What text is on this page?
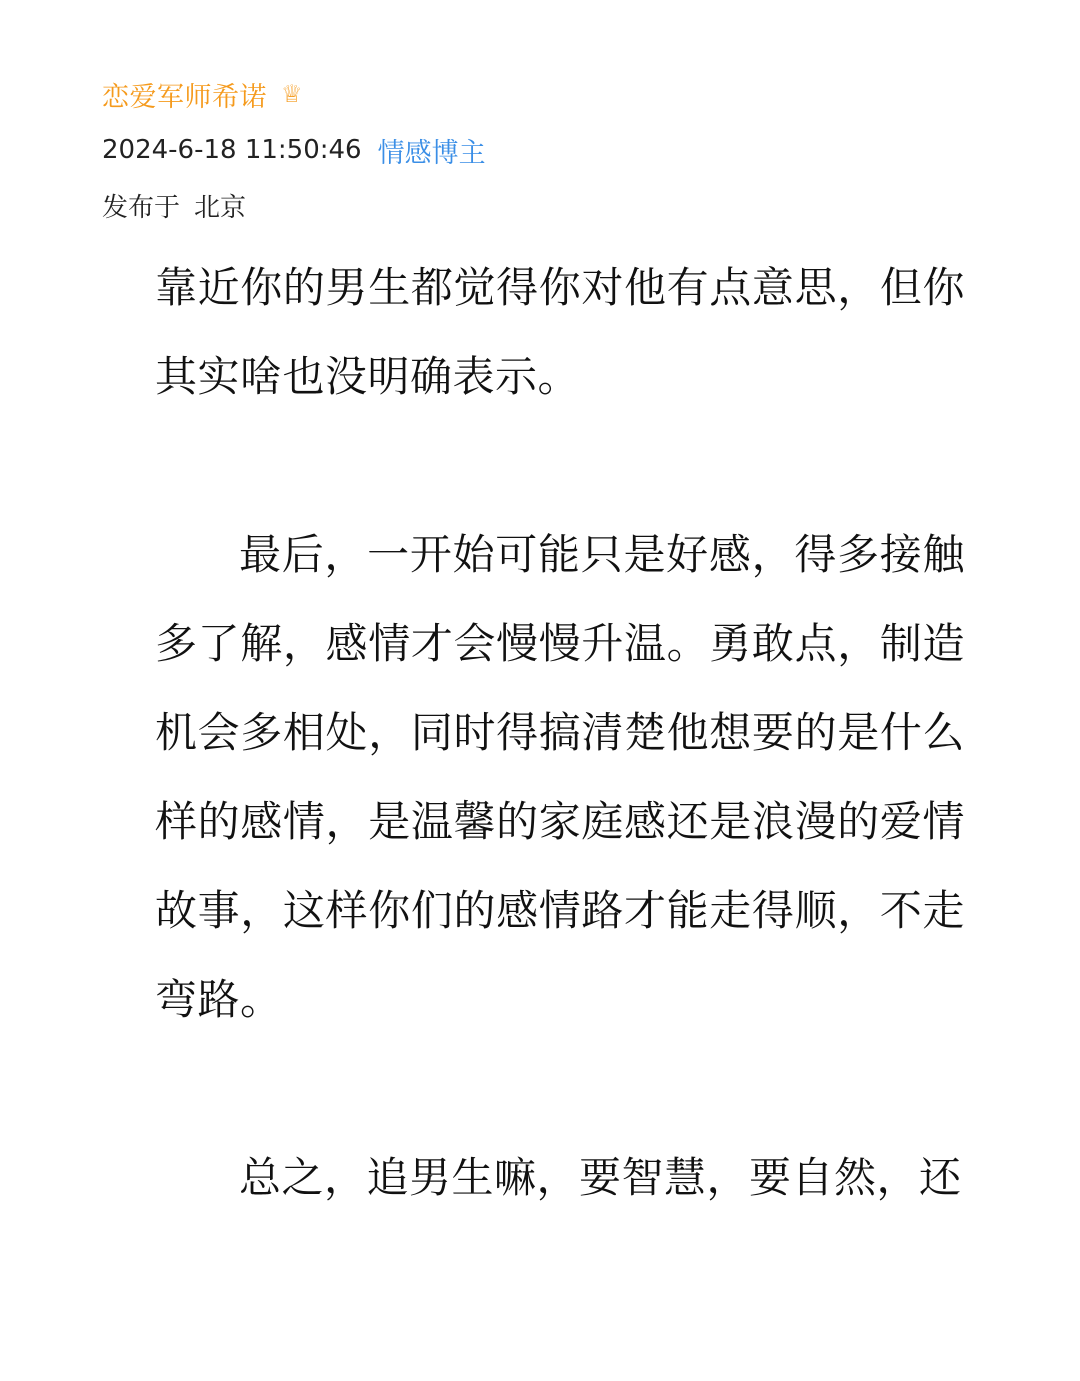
恋爱军师希诺 ♕
2024-6-18 11:50:46 情感博主
发布于 北京

靠近你的男生都觉得你对他有点意思，但你其实啥也没明确表示。

最后，一开始可能只是好感，得多接触多了解，感情才会慢慢升温。勇敢点，制造机会多相处，同时得搞清楚他想要的是什么样的感情，是温馨的家庭感还是浪漫的爱情故事，这样你们的感情路才能走得顺，不走弯路。

总之，追男生嘛，要智慧，要自然，还
